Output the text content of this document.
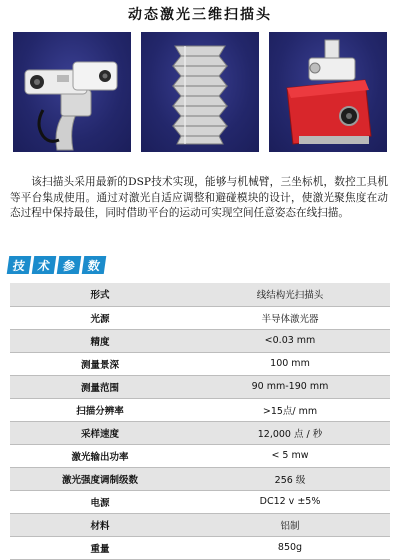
动态激光三维扫描头

该扫描头采用最新的DSP技术实现，能够与机械臂，三坐标机，数控工具机等平台集成使用。通过对激光自适应调整和避碰模块的设计，使激光聚焦度在动态过程中保持最佳，同时借助平台的运动可实现空间任意姿态在线扫描。

技 术 参 数
形式	线结构光扫描头
光源	半导体激光器
精度	<0.03 mm
测量景深	100 mm
测量范围	90 mm-190 mm
扫描分辨率	>15点/ mm
采样速度	12,000 点 / 秒
激光输出功率	< 5 mw
激光强度调制级数	256 级
电源	DC12 v ±5%
材料	铝制
重量	850g
